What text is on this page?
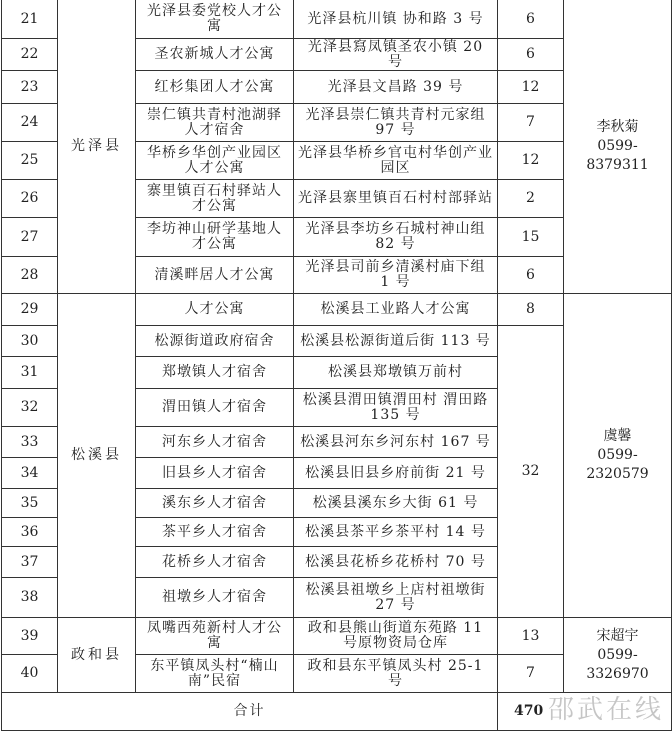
21	光泽县	光泽县委党校人才公寓	光泽县杭川镇 协和路 3 号	6	李秋菊
0599-8379311

22		圣农新城人才公寓	光泽县寫凤镇圣农小镇 20 号	6	
23		红杉集团人才公寓	光泽县文昌路 39 号	12	
24		崇仁镇共青村池湖驿人才宿舍	光泽县崇仁镇共青村元家组 97 号	7	
25		华桥乡华创产业园区人才公寓	光泽县华桥乡官屯村华创产业园区	12	
26		寨里镇百石村驿站人才公寓	光泽县寨里镇百石村村部驿站	2	
27		李坊神山研学基地人才公寓	光泽县李坊乡石城村神山组 82 号	15	
28		清溪畔居人才公寓	光泽县司前乡清溪村庙下组 1 号	6	
29	松溪县	人才公寓	松溪县工业路人才公寓	8	虞馨
0599-2320579

30		松源街道政府宿舍	松溪县松源街道后街 113 号	32	
31		郑墩镇人才宿舍	松溪县郑墩镇万前村		
32		渭田镇人才宿舍	松溪县渭田镇渭田村 渭田路 135 号		
33		河东乡人才宿舍	松溪县河东乡河东村 167 号		
34		旧县乡人才宿舍	松溪县旧县乡府前街 21 号		
35		溪东乡人才宿舍	松溪县溪东乡大街 61 号		
36		茶平乡人才宿舍	松溪县茶平乡茶平村 14 号		
37		花桥乡人才宿舍	松溪县花桥乡花桥村 70 号		
38		祖墩乡人才宿舍	松溪县祖墩乡上店村祖墩街 27 号		
39	政和县	凤嘴西苑新村人才公寓	政和县熊山街道东苑路 11 号原物资局仓库	13	宋超宇
0599-3326970

40		东平镇凤头村“楠山南”民宿	政和县东平镇凤头村 25-1 号	7	
合计				470	邵武在线
